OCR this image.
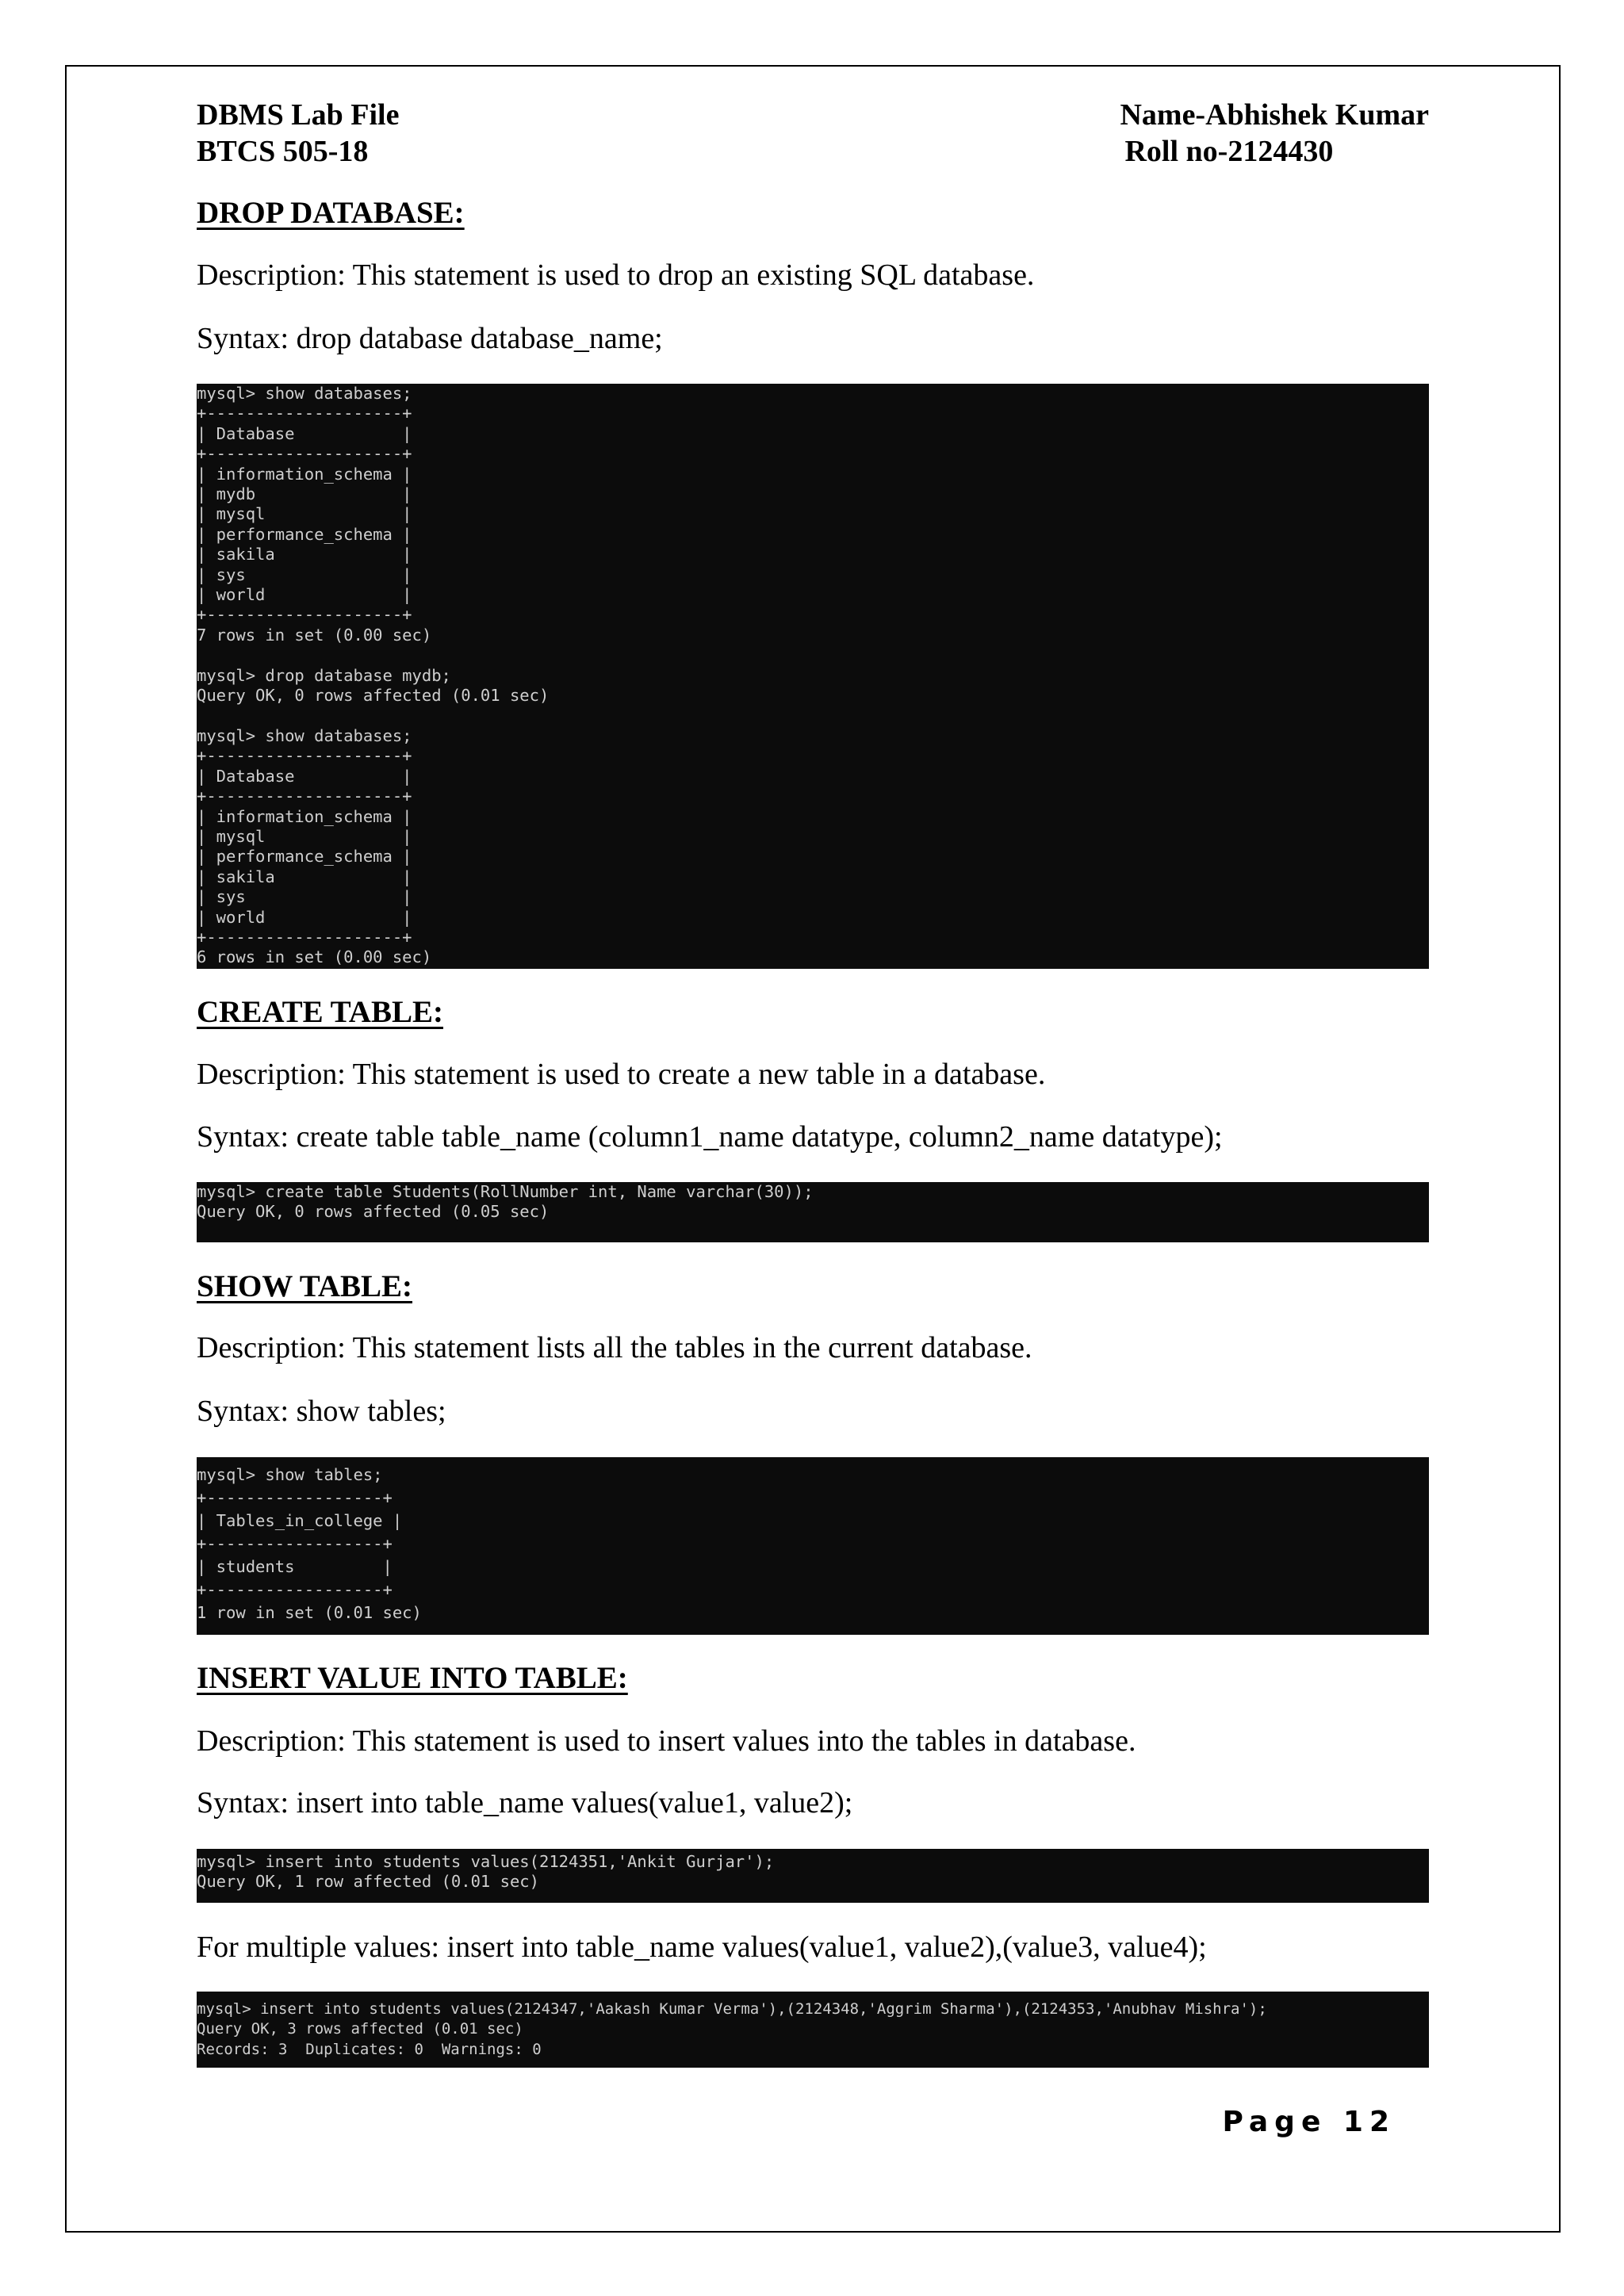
DBMS Lab File
BTCS 505-18
Name-Abhishek Kumar
Roll no-2124430
DROP DATABASE:
Description: This statement is used to drop an existing SQL database.
Syntax: drop database database_name;
mysql> show databases;
+--------------------+
| Database           |
+--------------------+
| information_schema |
| mydb               |
| mysql              |
| performance_schema |
| sakila             |
| sys                |
| world              |
+--------------------+
7 rows in set (0.00 sec)

mysql> drop database mydb;
Query OK, 0 rows affected (0.01 sec)

mysql> show databases;
+--------------------+
| Database           |
+--------------------+
| information_schema |
| mysql              |
| performance_schema |
| sakila             |
| sys                |
| world              |
+--------------------+
6 rows in set (0.00 sec)
CREATE TABLE:
Description: This statement is used to create a new table in a database.
Syntax: create table table_name (column1_name datatype, column2_name datatype);
mysql> create table Students(RollNumber int, Name varchar(30));
Query OK, 0 rows affected (0.05 sec)
SHOW TABLE:
Description: This statement lists all the tables in the current database.
Syntax: show tables;
mysql> show tables;
+------------------+
| Tables_in_college |
+------------------+
| students         |
+------------------+
1 row in set (0.01 sec)
INSERT VALUE INTO TABLE:
Description: This statement is used to insert values into the tables in database.
Syntax: insert into table_name values(value1, value2);
mysql> insert into students values(2124351,'Ankit Gurjar');
Query OK, 1 row affected (0.01 sec)
For multiple values: insert into table_name values(value1, value2),(value3, value4);
mysql> insert into students values(2124347,'Aakash Kumar Verma'),(2124348,'Aggrim Sharma'),(2124353,'Anubhav Mishra');
Query OK, 3 rows affected (0.01 sec)
Records: 3  Duplicates: 0  Warnings: 0
Page 12
